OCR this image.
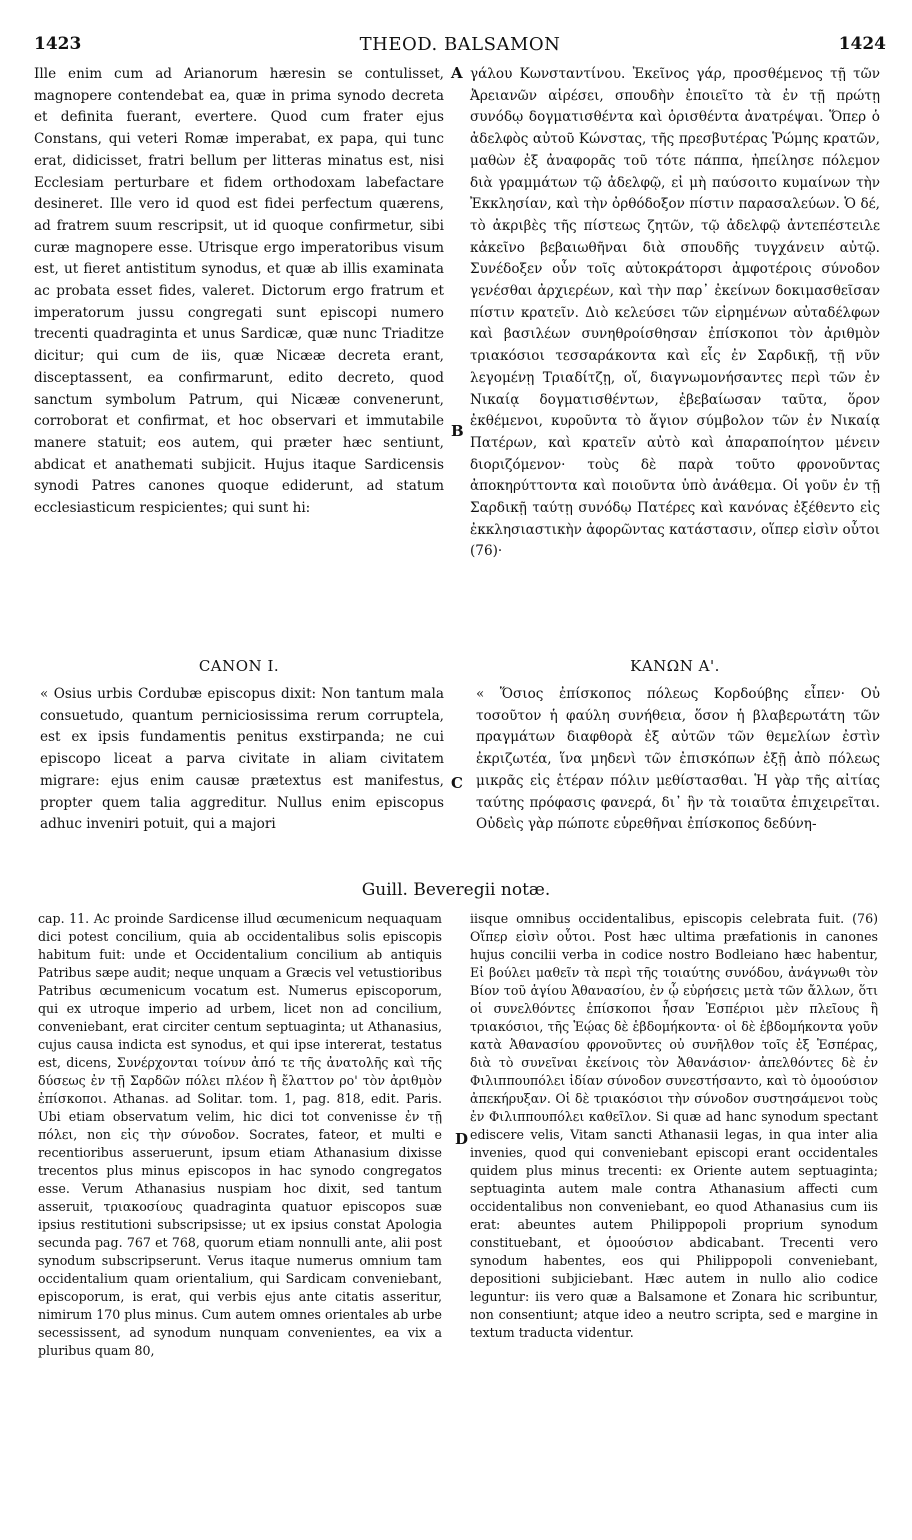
1423	THEOD. BALSAMON	1424

Ille enim cum ad Arianorum hæresin se contulisset, magnopere contendebat ea, quæ in prima synodo decreta et definita fuerant, evertere. Quod cum frater ejus Constans, qui veteri Romæ imperabat, ex papa, qui tunc erat, didicisset, fratri bellum per litteras minatus est, nisi Ecclesiam perturbare et fidem orthodoxam labefactare desineret. Ille vero id quod est fidei perfectum quærens, ad fratrem suum rescripsit, ut id quoque confirmetur, sibi curæ magnopere esse. Utrisque ergo imperatoribus visum est, ut fieret antistitum synodus, et quæ ab illis examinata ac probata esset fides, valeret. Dictorum ergo fratrum et imperatorum jussu congregati sunt episcopi numero trecenti quadraginta et unus Sardicæ, quæ nunc Triaditze dicitur; qui cum de iis, quæ Nicææ decreta erant, disceptassent, ea confirmarunt, edito decreto, quod sanctum symbolum Patrum, qui Nicææ convenerunt, corroborat et confirmat, et hoc observari et immutabile manere statuit; eos autem, qui præter hæc sentiunt, abdicat et anathemati subjicit. Hujus itaque Sardicensis synodi Patres canones quoque ediderunt, ad statum ecclesiasticum respicientes; qui sunt hi:

γάλου Κωνσταντίνου. Ἐκεῖνος γάρ, προσθέμενος τῇ τῶν Ἀρειανῶν αἱρέσει, σπουδὴν ἐποιεῖτο τὰ ἐν τῇ πρώτῃ συνόδῳ δογματισθέντα καὶ ὁρισθέντα ἀνατρέψαι. Ὅπερ ὁ ἀδελφὸς αὐτοῦ Κώνστας, τῆς πρεσβυτέρας Ῥώμης κρατῶν, μαθὼν ἐξ ἀναφορᾶς τοῦ τότε πάππα, ἠπείλησε πόλεμον διὰ γραμμάτων τῷ ἀδελφῷ, εἰ μὴ παύσοιτο κυμαίνων τὴν Ἐκκλησίαν, καὶ τὴν ὀρθόδοξον πίστιν παρασαλεύων. Ὁ δέ, τὸ ἀκριβὲς τῆς πίστεως ζητῶν, τῷ ἀδελφῷ ἀντεπέστειλε κἀκεῖνο βεβαιωθῆναι διὰ σπουδῆς τυγχάνειν αὐτῷ. Συνέδοξεν οὖν τοῖς αὐτοκράτορσι ἀμφοτέροις σύνοδον γενέσθαι ἀρχιερέων, καὶ τὴν παρ᾽ ἐκείνων δοκιμασθεῖσαν πίστιν κρατεῖν. Διὸ κελεύσει τῶν εἰρημένων αὐταδέλφων καὶ βασιλέων συνηθροίσθησαν ἐπίσκοποι τὸν ἀριθμὸν τριακόσιοι τεσσαράκοντα καὶ εἷς ἐν Σαρδικῇ, τῇ νῦν λεγομένῃ Τριαδίτζῃ, οἵ, διαγνωμονήσαντες περὶ τῶν ἐν Νικαίᾳ δογματισθέντων, ἐβεβαίωσαν ταῦτα, ὅρον ἐκθέμενοι, κυροῦντα τὸ ἅγιον σύμβολον τῶν ἐν Νικαίᾳ Πατέρων, καὶ κρατεῖν αὐτὸ καὶ ἀπαραποίητον μένειν διοριζόμενον· τοὺς δὲ παρὰ τοῦτο φρονοῦντας ἀποκηρύττοντα καὶ ποιοῦντα ὑπὸ ἀνάθεμα. Οἱ γοῦν ἐν τῇ Σαρδικῇ ταύτῃ συνόδῳ Πατέρες καὶ κανόνας ἐξέθεντο εἰς ἐκκλησιαστικὴν ἀφορῶντας κατάστασιν, οἵπερ εἰσὶν οὗτοι (76)·

A
B
C
D
CANON I.

« Osius urbis Cordubæ episcopus dixit: Non tantum mala consuetudo, quantum perniciosissima rerum corruptela, est ex ipsis fundamentis penitus exstirpanda; ne cui episcopo liceat a parva civitate in aliam civitatem migrare: ejus enim causæ prætextus est manifestus, propter quem talia aggreditur. Nullus enim episcopus adhuc inveniri potuit, qui a majori

ΚΑΝΩΝ Α'.

« Ὅσιος ἐπίσκοπος πόλεως Κορδούβης εἶπεν· Οὐ τοσοῦτον ἡ φαύλη συνήθεια, ὅσον ἡ βλαβερωτάτη τῶν πραγμάτων διαφθορὰ ἐξ αὐτῶν τῶν θεμελίων ἐστὶν ἐκριζωτέα, ἵνα μηδενὶ τῶν ἐπισκόπων ἐξῇ ἀπὸ πόλεως μικρᾶς εἰς ἑτέραν πόλιν μεθίστασθαι. Ἡ γὰρ τῆς αἰτίας ταύτης πρόφασις φανερά, δι᾽ ἣν τὰ τοιαῦτα ἐπιχειρεῖται. Οὐδεὶς γὰρ πώποτε εὑρεθῆναι ἐπίσκοπος δεδύνη-

Guill. Beveregii notæ.

cap. 11. Ac proinde Sardicense illud œcumenicum nequaquam dici potest concilium, quia ab occidentalibus solis episcopis habitum fuit: unde et Occidentalium concilium ab antiquis Patribus sæpe audit; neque unquam a Græcis vel vetustioribus Patribus œcumenicum vocatum est. Numerus episcoporum, qui ex utroque imperio ad urbem, licet non ad concilium, conveniebant, erat circiter centum septuaginta; ut Athanasius, cujus causa indicta est synodus, et qui ipse intererat, testatus est, dicens, Συνέρχονται τοίνυν ἀπό τε τῆς ἀνατολῆς καὶ τῆς δύσεως ἐν τῇ Σαρδῶν πόλει πλέον ἢ ἔλαττον ρο' τὸν ἀριθμὸν ἐπίσκοποι. Athanas. ad Solitar. tom. 1, pag. 818, edit. Paris. Ubi etiam observatum velim, hic dici tot convenisse ἐν τῇ πόλει, non εἰς τὴν σύνοδον. Socrates, fateor, et multi e recentioribus asseruerunt, ipsum etiam Athanasium dixisse trecentos plus minus episcopos in hac synodo congregatos esse. Verum Athanasius nuspiam hoc dixit, sed tantum asseruit, τριακοσίους quadraginta quatuor episcopos suæ ipsius restitutioni subscripsisse; ut ex ipsius constat Apologia secunda pag. 767 et 768, quorum etiam nonnulli ante, alii post synodum subscripserunt. Verus itaque numerus omnium tam occidentalium quam orientalium, qui Sardicam conveniebant, episcoporum, is erat, qui verbis ejus ante citatis asseritur, nimirum 170 plus minus. Cum autem omnes orientales ab urbe secessissent, ad synodum nunquam convenientes, ea vix a pluribus quam 80,

iisque omnibus occidentalibus, episcopis celebrata fuit. (76) Οἵπερ εἰσὶν οὗτοι. Post hæc ultima præfationis in canones hujus concilii verba in codice nostro Bodleiano hæc habentur, Εἰ βούλει μαθεῖν τὰ περὶ τῆς τοιαύτης συνόδου, ἀνάγνωθι τὸν Βίον τοῦ ἁγίου Ἀθανασίου, ἐν ᾧ εὑρήσεις μετὰ τῶν ἄλλων, ὅτι οἱ συνελθόντες ἐπίσκοποι ἦσαν Ἑσπέριοι μὲν πλεῖους ἢ τριακόσιοι, τῆς Ἑῴας δὲ ἑβδομήκοντα· οἱ δὲ ἑβδομήκοντα γοῦν κατὰ Ἀθανασίου φρονοῦντες οὐ συνῆλθον τοῖς ἐξ Ἑσπέρας, διὰ τὸ συνεῖναι ἐκείνοις τὸν Ἀθανάσιον· ἀπελθόντες δὲ ἐν Φιλιππουπόλει ἰδίαν σύνοδον συνεστήσαντο, καὶ τὸ ὁμοούσιον ἀπεκήρυξαν. Οἱ δὲ τριακόσιοι τὴν σύνοδον συστησάμενοι τοὺς ἐν Φιλιππουπόλει καθεῖλον. Si quæ ad hanc synodum spectant ediscere velis, Vitam sancti Athanasii legas, in qua inter alia invenies, quod qui conveniebant episcopi erant occidentales quidem plus minus trecenti: ex Oriente autem septuaginta; septuaginta autem male contra Athanasium affecti cum occidentalibus non conveniebant, eo quod Athanasius cum iis erat: abeuntes autem Philippopoli proprium synodum constituebant, et ὁμοούσιον abdicabant. Trecenti vero synodum habentes, eos qui Philippopoli conveniebant, depositioni subjiciebant. Hæc autem in nullo alio codice leguntur: iis vero quæ a Balsamone et Zonara hic scribuntur, non consentiunt; atque ideo a neutro scripta, sed e margine in textum traducta videntur.
